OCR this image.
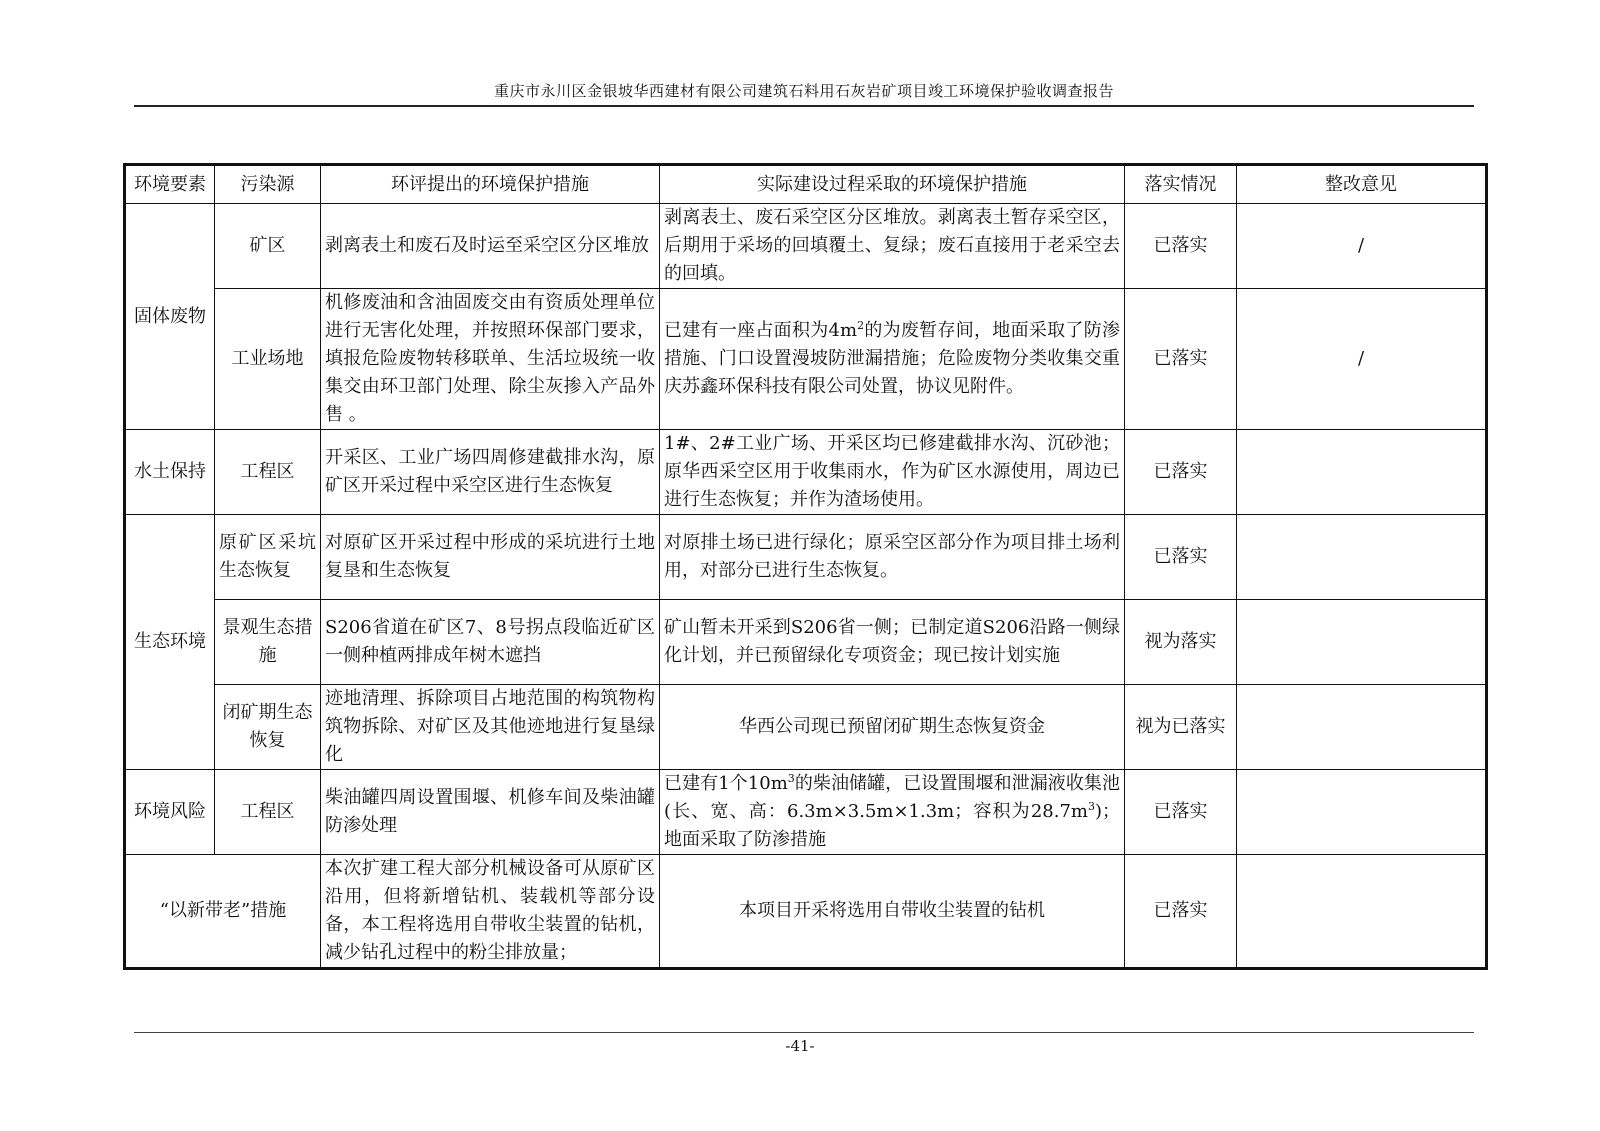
重庆市永川区金银坡华西建材有限公司建筑石料用石灰岩矿项目竣工环境保护验收调查报告
环境要素	污染源	环评提出的环境保护措施	实际建设过程采取的环境保护措施	落实情况	整改意见
固体废物	矿区	剥离表土和废石及时运至采空区分区堆放	剥离表土、废石采空区分区堆放。剥离表土暂存采空区，后期用于采场的回填覆土、复绿；废石直接用于老采空去的回填。	已落实	/
	工业场地	机修废油和含油固废交由有资质处理单位进行无害化处理，并按照环保部门要求，填报危险废物转移联单、生活垃圾统一收集交由环卫部门处理、除尘灰掺入产品外售 。	已建有一座占面积为$4m^2$的为废暂存间，地面采取了防渗措施、门口设置漫坡防泄漏措施；危险废物分类收集交重庆苏鑫环保科技有限公司处置，协议见附件。	已落实	/
水土保持	工程区	开采区、工业广场四周修建截排水沟，原矿区开采过程中采空区进行生态恢复	1#、2#工业广场、开采区均已修建截排水沟、沉砂池；原华西采空区用于收集雨水，作为矿区水源使用，周边已进行生态恢复；并作为渣场使用。	已落实	
生态环境	原矿区采坑生态恢复	对原矿区开采过程中形成的采坑进行土地复垦和生态恢复	对原排土场已进行绿化；原采空区部分作为项目排土场利用，对部分已进行生态恢复。	已落实	
	景观生态措施	S206省道在矿区7、8号拐点段临近矿区一侧种植两排成年树木遮挡	矿山暂未开采到S206省一侧；已制定道S206沿路一侧绿化计划，并已预留绿化专项资金；现已按计划实施	视为落实	
	闭矿期生态恢复	迹地清理、拆除项目占地范围的构筑物构筑物拆除、对矿区及其他迹地进行复垦绿化	华西公司现已预留闭矿期生态恢复资金	视为已落实	
环境风险	工程区	柴油罐四周设置围堰、机修车间及柴油罐防渗处理	已建有1个$10m^3$的柴油储罐，已设置围堰和泄漏液收集池(长、宽、高：6.3m×3.5m×1.3m；容积为$28.7m^3$)；地面采取了防渗措施	已落实	
“以新带老”措施		本次扩建工程大部分机械设备可从原矿区沿用，但将新增钻机、装载机等部分设备，本工程将选用自带收尘装置的钻机，减少钻孔过程中的粉尘排放量；	本项目开采将选用自带收尘装置的钻机	已落实	
-41-
